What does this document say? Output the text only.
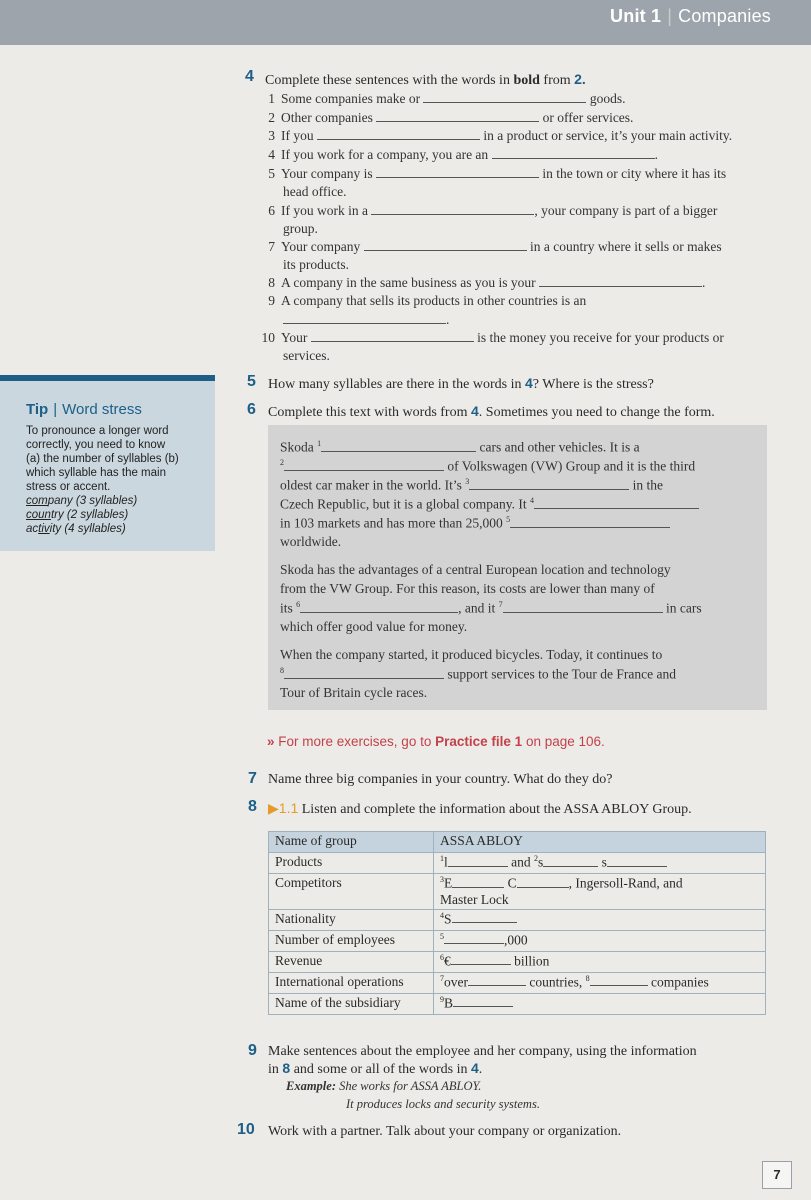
Unit 1 | Companies
4 Complete these sentences with the words in bold from 2.
1 Some companies make or	goods.
2 Other companies	or offer services.
3 If you	in a product or service, it’s your main activity.
4 If you work for a company, you are an	.
5 Your company is	in the town or city where it has its
head office.
6 If you work in a	, your company is part of a bigger
group.
7 Your company	in a country where it sells or makes
its products.
8 A company in the same business as you is your	.
9 A company that sells its products in other countries is an
.
10 Your	is the money you receive for your products or
services.
5 How many syllables are there in the words in 4? Where is the stress?
Tip | Word stress
To pronounce a longer word
correctly, you need to know
(a) the number of syllables (b)
which syllable has the main
stress or accent.
company (3 syllables)
country (2 syllables)
activity (4 syllables)
6 Complete this text with words from 4. Sometimes you need to change the form.
Skoda $^1$	cars and other vehicles. It is a
$^2$	of Volkswagen (VW) Group and it is the third
oldest car maker in the world. It’s $^3$	in the
Czech Republic, but it is a global company. It $^4$
in 103 markets and has more than 25,000 $^5$
worldwide.
Skoda has the advantages of a central European location and technology
from the VW Group. For this reason, its costs are lower than many of
its $^6$	, and it $^7$	in cars
which offer good value for money.
When the company started, it produced bicycles. Today, it continues to
$^8$	support services to the Tour de France and
Tour of Britain cycle races.
» For more exercises, go to Practice file 1 on page 106.
7 Name three big companies in your country. What do they do?
8 ▶1.1 Listen and complete the information about the ASSA ABLOY Group.
Name of group	ASSA ABLOY
Products	$^1$l and $^2$s s
Competitors	$^3$E C , Ingersoll-Rand, and
Master Lock
Nationality	$^4$S
Number of employees	$^5$ ,000
Revenue	$^6$€ billion
International operations	$^7$over countries, $^8$ companies
Name of the subsidiary	$^9$B
9 Make sentences about the employee and her company, using the information
in 8 and some or all of the words in 4.
Example: She works for ASSA ABLOY.
It produces locks and security systems.
10 Work with a partner. Talk about your company or organization.
7
